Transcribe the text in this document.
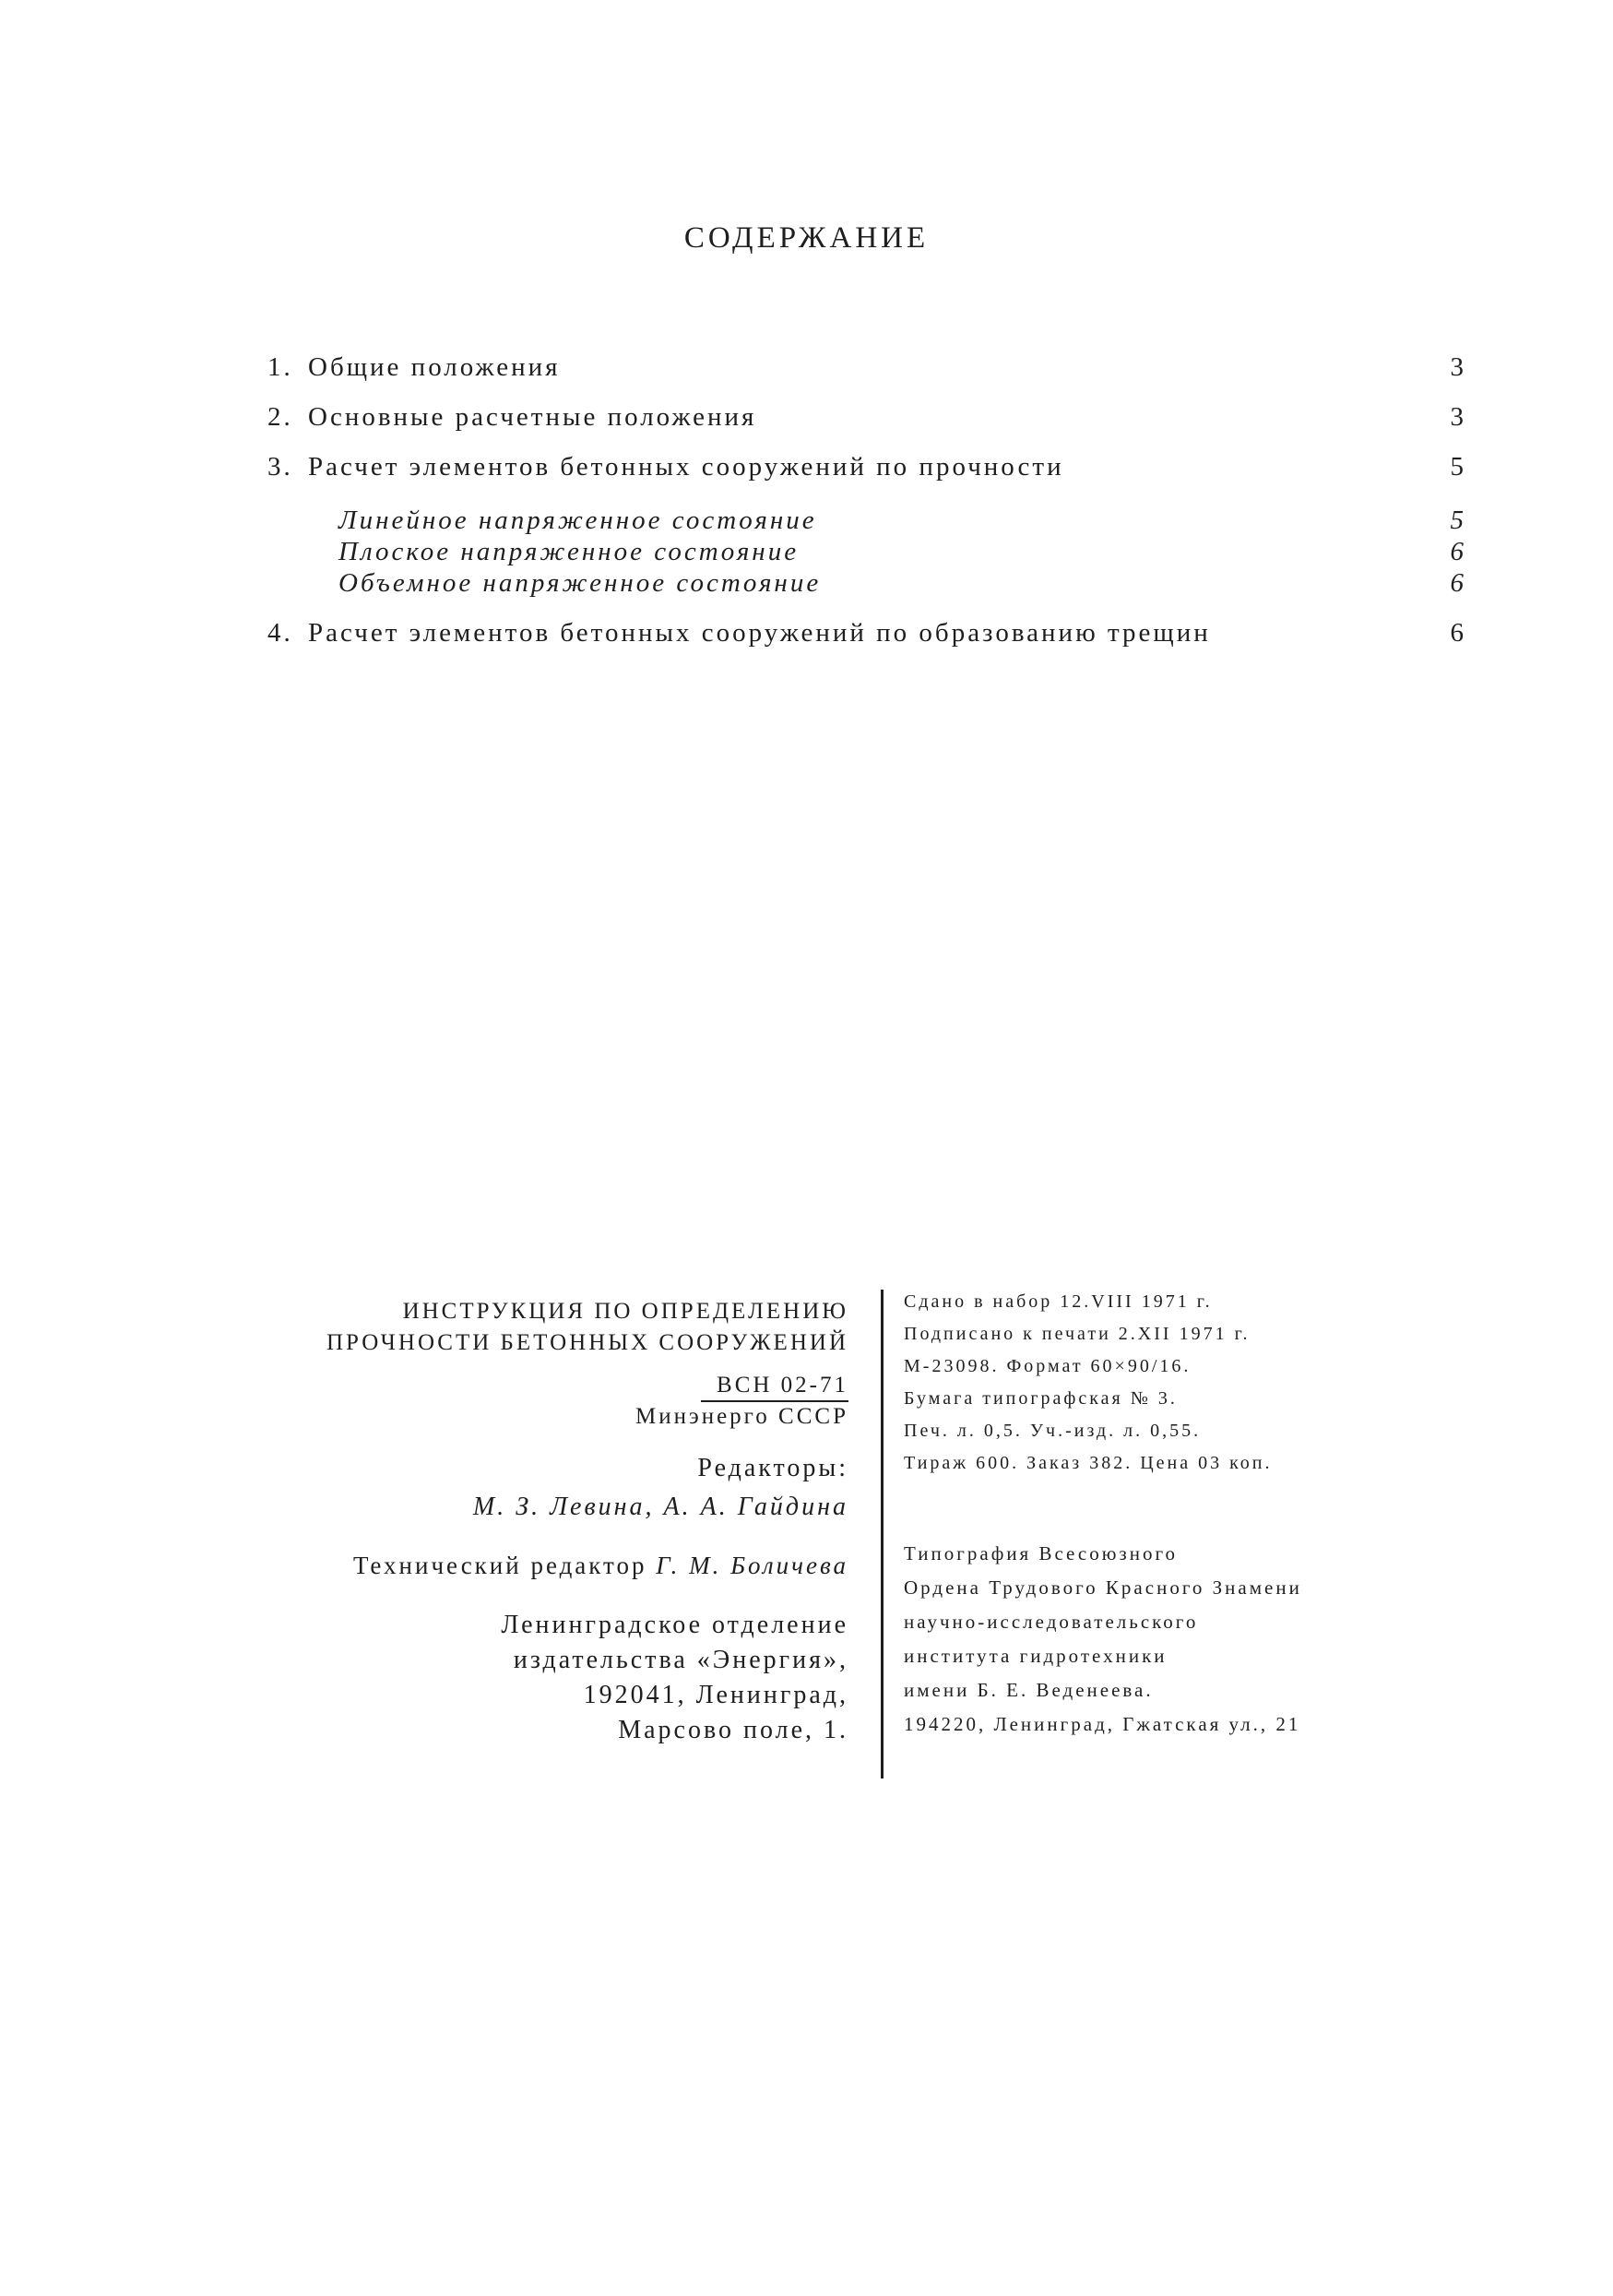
СОДЕРЖАНИЕ
1. Общие положения	3
2. Основные расчетные положения	3
3. Расчет элементов бетонных сооружений по прочности	5
Линейное напряженное состояние	5
Плоское напряженное состояние	6
Объемное напряженное состояние	6
4. Расчет элементов бетонных сооружений по образованию трещин	6
ИНСТРУКЦИЯ ПО ОПРЕДЕЛЕНИЮ
ПРОЧНОСТИ БЕТОННЫХ СООРУЖЕНИЙ
ВСН 02-71
Минэнерго СССР
Редакторы:
М. З. Левина, А. А. Гайдина
Технический редактор Г. М. Боличева
Ленинградское отделение
издательства «Энергия»,
192041, Ленинград,
Марсово поле, 1.
Сдано в набор 12.VIII 1971 г.
Подписано к печати 2.XII 1971 г.
М-23098. Формат 60×90/16.
Бумага типографская № 3.
Печ. л. 0,5. Уч.-изд. л. 0,55.
Тираж 600. Заказ 382. Цена 03 коп.
Типография Всесоюзного
Ордена Трудового Красного Знамени
научно-исследовательского
института гидротехники
имени Б. Е. Веденеева.
194220, Ленинград, Гжатская ул., 21
